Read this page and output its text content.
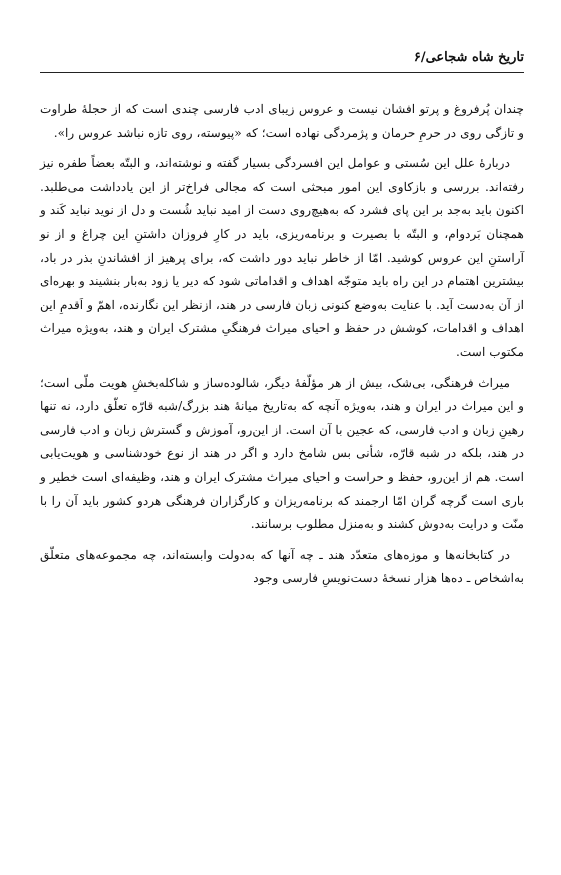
تاریخ شاه شجاعی/۶

چندان پُرفروغ و پرتو افشان نیست و عروس زیبای ادب فارسی چندی است که از حجلۀ طراوت و تازگی روی در حرمِ حرمان و پژمردگی نهاده است؛ که «پیوسته، روی تازه نباشد عروس را».

دربارۀ علل این سُستی و عوامل این افسردگی بسیار گفته و نوشته‌اند، و البتّه بعضاً طفره نیز رفته‌اند. بررسی و بازکاوی این امور مبحثی است که مجالی فراخ‌تر از این یادداشت می‌طلبد. اکنون باید به‌جد بر این پای فشرد که به‌هیچ‌روی دست از امید نباید شُست و دل از نوید نباید کَند و همچنان بَردوام، و البتّه با بصیرت و برنامه‌ریزی، باید در کارِ فروزان داشتنِ این چراغ و از نو آراستنِ این عروس کوشید. امّا از خاطر نباید دور داشت که، برای پرهیز از افشاندنِ بذر در باد، بیشترین اهتمام در این راه باید متوجّه اهداف و اقداماتی شود که دیر یا زود به‌بار بنشیند و بهره‌ای از آن به‌دست آید. با عنایت به‌وضع کنونی زبان فارسی در هند، ازنظر این نگارنده، اهمّ و اَقدمِ این اهداف و اقدامات، کوشش در حفظ و احیای میراث فرهنگیِ مشترک ایران و هند، به‌ویژه میراث مکتوب است.

میراث فرهنگی، بی‌شک، بیش از هر مؤلّفۀ دیگر، شالوده‌ساز و شاکله‌بخشِ هویت ملّی است؛ و این میراث در ایران و هند، به‌ویژه آنچه که به‌تاریخ میانۀ هند بزرگ/شبه قارّه تعلّق دارد، نه تنها رهینِ زبان و ادب فارسی، که عجین با آن است. از این‌رو، آموزش و گسترش زبان و ادب فارسی در هند، بلکه در شبه قارّه، شأنی بس شامخ دارد و اگر در هند از نوع خودشناسی و هویت‌یابی است. هم از این‌رو، حفظ و حراست و احیای میراث مشترک ایران و هند، وظیفه‌ای است خطیر و باری است گرچه گران امّا ارجمند که برنامه‌ریزان و کارگزاران فرهنگی هردو کشور باید آن را با منّت و درایت به‌دوش کشند و به‌منزل مطلوب برسانند.

در کتابخانه‌ها و موزه‌های متعدّد هند ـ چه آنها که به‌دولت وابسته‌اند، چه مجموعه‌های متعلّق به‌اشخاص ـ ده‌ها هزار نسخۀ دست‌نویسِ فارسی وجود
